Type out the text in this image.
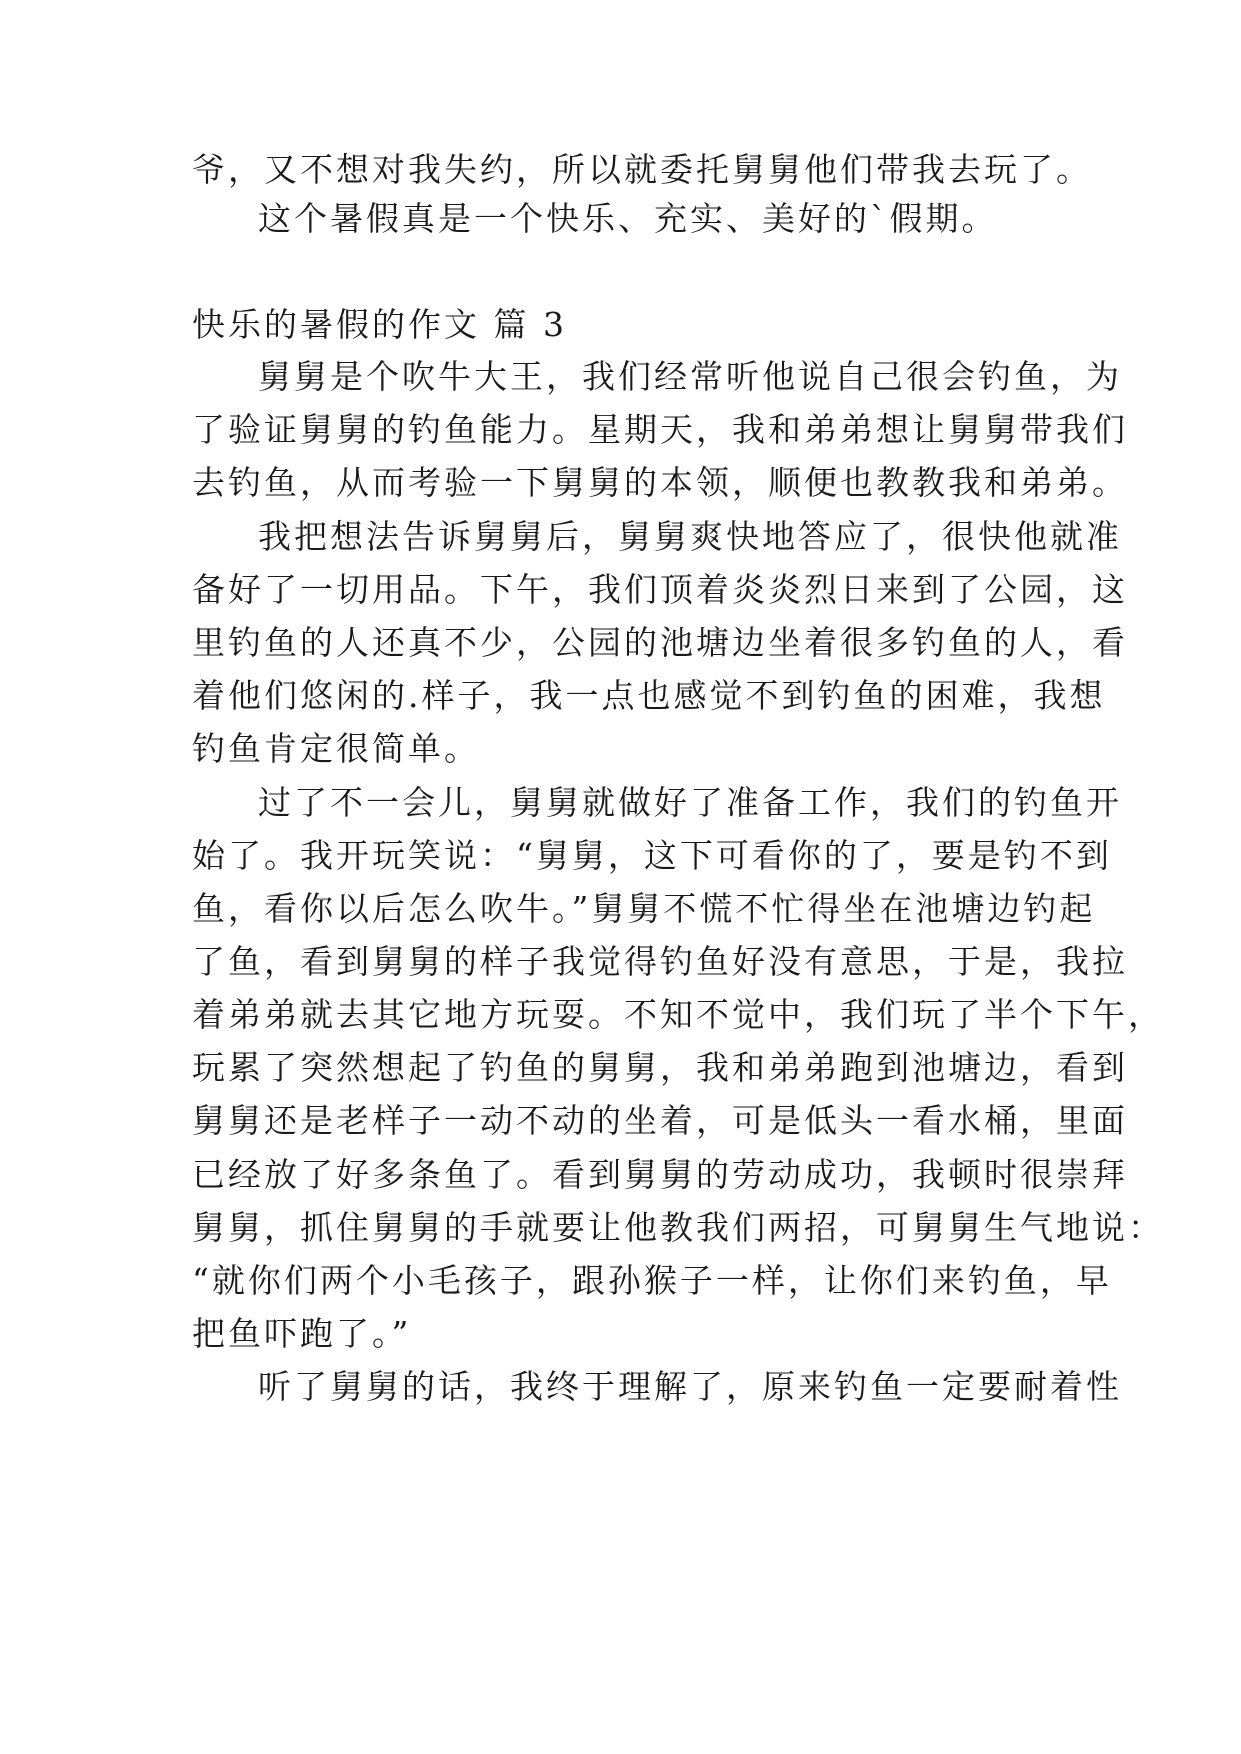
爷，又不想对我失约，所以就委托舅舅他们带我去玩了。
这个暑假真是一个快乐、充实、美好的`假期。
快乐的暑假的作文 篇 3
舅舅是个吹牛大王，我们经常听他说自己很会钓鱼，为
了验证舅舅的钓鱼能力。星期天，我和弟弟想让舅舅带我们
去钓鱼，从而考验一下舅舅的本领，顺便也教教我和弟弟。
我把想法告诉舅舅后，舅舅爽快地答应了，很快他就准
备好了一切用品。下午，我们顶着炎炎烈日来到了公园，这
里钓鱼的人还真不少，公园的池塘边坐着很多钓鱼的人，看
着他们悠闲的.样子，我一点也感觉不到钓鱼的困难，我想
钓鱼肯定很简单。
过了不一会儿，舅舅就做好了准备工作，我们的钓鱼开
始了。我开玩笑说：“舅舅，这下可看你的了，要是钓不到
鱼，看你以后怎么吹牛。”舅舅不慌不忙得坐在池塘边钓起
了鱼，看到舅舅的样子我觉得钓鱼好没有意思，于是，我拉
着弟弟就去其它地方玩耍。不知不觉中，我们玩了半个下午，
玩累了突然想起了钓鱼的舅舅，我和弟弟跑到池塘边，看到
舅舅还是老样子一动不动的坐着，可是低头一看水桶，里面
已经放了好多条鱼了。看到舅舅的劳动成功，我顿时很崇拜
舅舅，抓住舅舅的手就要让他教我们两招，可舅舅生气地说：
“就你们两个小毛孩子，跟孙猴子一样，让你们来钓鱼，早
把鱼吓跑了。”
听了舅舅的话，我终于理解了，原来钓鱼一定要耐着性
